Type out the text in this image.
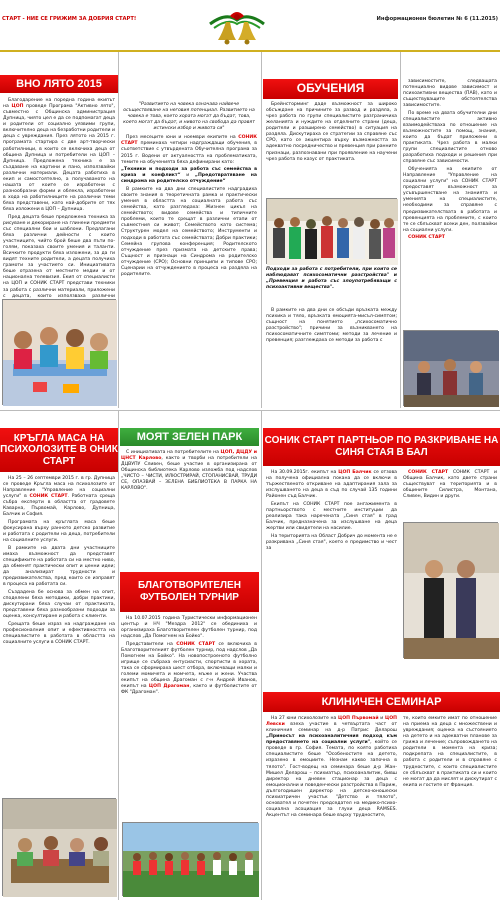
СТАРТ - НИЕ СЕ ГРИЖИМ ЗА ДОБРИЯ СТАРТ!	Информационен бюлетин № 6 (11.2015)
ВНО ЛЯТО 2015

Благодарение на поредна година екипът на ЦОП проведе Програма "Активно лято", съвместно с Общинска администрация Дупница, чиято цел е да се подпомагат деца и родители от социално уязвими групи, включително деца на безработни родители и деца с увреждания. През лятото на 2015 г. програмата стартира с две арт-творчески работилници, в които се включиха деца от община Дупница и потребители на ЦОП – Дупница. Предложена техника е за създаване на картини и пано, използвайки различни материали. Децата работиха в екип и самостоятелно, а получаваното на нашата от коите се изработени с разнообразни форми и облекла, изработени в хода на работилниците на различни теми бяха представени, като най-добрите от тях бяха изложени в ЦОП – Дупница.

Пред децата беше предложена техника за рисуване и декориране на глинени предмети със специални бои и шаблони. Предлагани бяха различни дейности с които участниците, чийто брой беше два пъти по-голям, показаха своите умения и таланти. Всичките продукти бяха изложени, за да ги видят техните родители, а децата получиха грамоти за участието си. Инициативата беше отразена от местните медии и от национална телевизия. Екип от специалисти на ЦОП и СОНИК СТАРТ представи техники за работа с различни материали, приложени с децата, които използваха различни

ОБУЧЕНИЯ

"Развитието на човека означава найвече осъществяване на неговия потенциал. Развитието на човека е това, което хората могат да бъдат, това, което могат да бъдат, и нивото на свобода да правят истински избор и живота си"

През месеците юни и ноември екипите на СОНИК СТАРТ преминаха четири надграждащи обучения, в съответствие с утвърдената Обучителна програма за 2015 г. Водени от актуалността на проблематиката, темите на обученията бяха дефинирани като:

„Техники и подходи за работа със семейства в криза и конфликт“ и „Предотвратяване на синдрома на родителско отчуждение“

В рамките на два дни специалистите надградиха своите знания в теоретичната рамка и практически умения в областта на социалната работа със семейства, като разгледаха: Жизнен цикъл на семейството; видове семейства и типичните проблеми, които те срещат в различни етапи от съвместния си живот; Семейството като система; Структурен модел на семейството; Инструменти и подходи в работата със семействата; Добри практики; Семейна групова конференция; Родителското отчуждение през призмата на детските права; Същност и признаци на Синдрома на родителско отчуждение (СРО); Основни принципи и типове СРО; Сценарии на отчуждението в процеса на раздяла на родителите.

Брейнсторминг даде възможност за широко обсъждане на причините за развод и раздяла, а чрез работа по групи специалистите разграничиха желанията и нуждите на отделните страни (деца, родители и разширено семейство) в ситуация на раздяла. Дискутирахa се стратегии за справяне със СРО, като се акцентира върху възможността за адекватно посредничество и превенция при ранните признаци, разпознавани при проявление на научени чрез работа по казус от практиката.

Подходи за работа с потребители, при които се наблюдават психосоматични разстройства" и „Превенция и работа със злоупотребяващи с психоактивни вещества".

В рамките на два дни се обсъди връзката между психика и тяло, връзката емоцията-мисъл-симптом; същност на понятието „психосоматично разстройство"; причини за възникването на психосоматичните симптоми; методи за лечение и превенция; разглеждаха се методи за работа с

зависимостите, следващата потенциално видове зависимост и психоактивни вещества (ПАВ), като и съществуващите обстоятелства зависимостите.

По време на двата обучителни дни специалистите активно взаимодействаха по отношение на възможностите за помощ, знания, които да бъдат приложени в практиката. Чрез работа в малки групи специалистите отново разработиха подходи и решения при справяне със зависимости.

Обученията на екипите от Направление "Управление на социални услуги" на СОНИК СТАРТ предоставят възможност за усъвършенстване на знанията и уменията на специалистите, необходими за справяне с предизвикателствата в работата и превенцията на проблемите, с които те се сблъскват всеки ден, ползвайки на социални услуги.

СОНИК СТАРТ

КРЪГЛА МАСА НА ПСИХОЛОЗИТЕ В ОНИК СТАРТ

На 25 – 26 септември 2015 г. в гр. Дупница се проведе Кръгла маса на психолозите от Направление "Управление на социални услуги" в СОНИК СТАРТ. Работната среща събра експерти в областта от градовете Каварна, Първомай, Карлово, Дупница, Балчик и София.

Програмата на кръглата маса беше фокусирана върху ранното детско развитие и работата с родители на деца, потребители на социалните услуги.

В рамките на двата дни участниците имаха възможност да представят спецификите на работата си на местно ниво, да обменят практически опит и ценни идеи; да анализират трудности и предизвикателства, пред които се изправят в процеса на работата си.

Създадена бе основа за обмен на опит, споделени бяха методики, добри практики, дискутирани бяха случаи от практиката, представени бяха разнообразни подходи за оценка, консултиране и работа с клиенти.

Срещата беше израз на надграждане на професионалния опит и ефективността на специалистите в работата в областта на социалните услуги в СОНИК СТАРТ.

МОЯТ ЗЕЛЕН ПАРК

С инициативата на потребителите на ЦОП, ДЦДУ и ЦНСТ Карлово, както и творби на потребители на ДЦВУПУ Сливен, беше участие в организирана от Общинска библиотека Карлово изложба под надслов „ЧИСТО – ЧИСТИ, ИЛЮСТРИРАЙ, СТОПАНИСВАЙ, ТРУДИ СЕ, ОПАЗВАЙ – ЗЕЛЕНА БИБЛИОТЕКА В ПАРКА НА КАРЛОВО".

БЛАГОТВОРИТЕЛЕН ФУТБОЛЕН ТУРНИР

На 10.07.2015 година Туристически информационен център и НЧ "Мездра 2012" се обединиха и организираха Благотворителен футболен турнир, под надслов „Да Помогнем на Бойко".

Представители на СОНИК СТАРТ се включиха в Благотворителният футболен турнир, под надслов „Да Помогнем на Бойко". На новопостроеното футболно игрище се събраха ентусиасти, спортисти в хората, така се сформираха шест отбора, включващи малки и големи момичета и момчета, мъже и жени. Участва екипът на община Драгоман с г-н Андрей Иванов, екипът на ЦОП Драгоман, както и футболистите от ФК "Драгоман".

СОНИК СТАРТ ПАРТНЬОР ПО РАЗКРИВАНЕ НА СИНЯ СТАЯ В БАЛ

На 30.09.2015г. екипът на ЦОП Балчик се отзова на получена официална покана да се включи в тържественото откриване на адаптирания зала за изслушването на деца в съд по случай 135 години Районен съд Балчик.

Екипът на СОНИК СТАРТ пое ангажимента в партньорството с местните институции да реализира така наречената „Синя стая" в град Балчик, предназначена за изслушване на деца жертви или свидетели на насилие.

На територията на Област Добрич до момента не е разкривана „Синя стая", което е предимство и чест за

СОНИК СТАРТ СОНИК СТАРТ и Община Балчик, като двете страни съществуват на територията и в общините Силистра, Монтана, Сливен, Видин и други.

КЛИНИЧЕН СЕМИНАР

На 27 юни психолозите на ЦОП Първомай и ЦОП Левски взеха участие в четвъртата част от клиничния семинар на д-р Патрис Деларош „Приносът на психоаналитичния подход към предоставянето на социални услуги", който се проведе в гр. София. Темата, по която работиха специалистите беше "Особеностите на детето, изразено в емоциите. Незнам какво започна в тялото". Гост-водещ на семинара беше д-р Жан-Мишел Деларош – психиатър, психоаналитик, бивш директор на дневен стационар за деца с емоционални и поведенчески разстройства в Париж, дългогодишен директор на детско-юношески психиатричен участък "Детство и тялото", основател и почетен председател на медико-психо-социална асоциация за глухи деца RAMSES. Акцентът на семинара беше върху трудностите,

те, които емките имат по отношение на приема на деца с множествени и увреждания; оценка на състоянието на детето и на адекватни планове за грижа и лечение; съпровождането на родители в момента на криза; подкрепата на специалистите, в работа с родители и в справяне с трудностите, с които специалистите се сблъскват в практиката си и които не могат да да мислят и дискутират с екипа и гостите от Франция.
